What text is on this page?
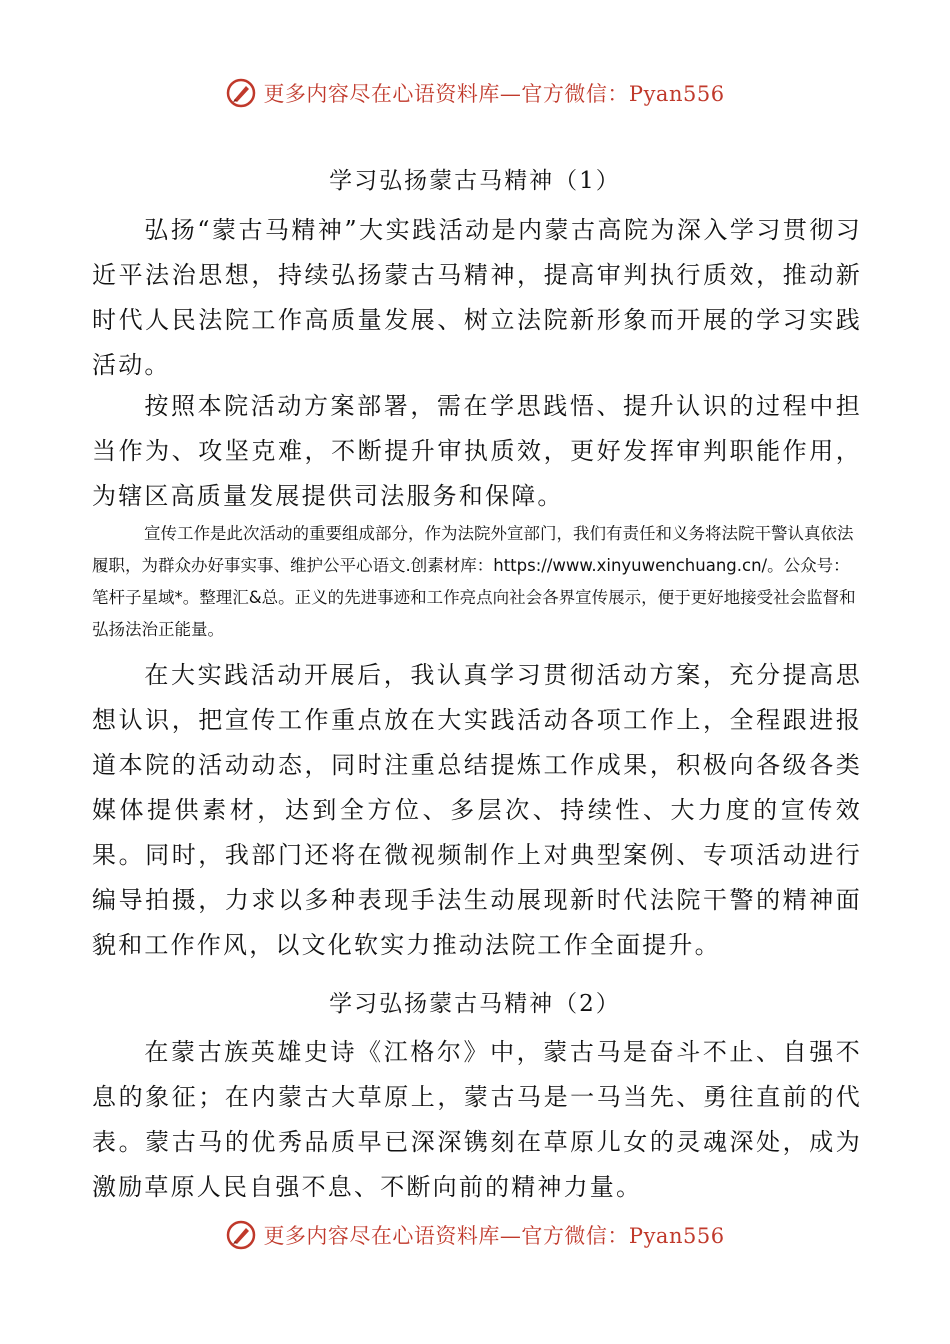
更多内容尽在心语资料库—官方微信：Pyan556
学习弘扬蒙古马精神（1）

弘扬“蒙古马精神”大实践活动是内蒙古高院为深入学习贯彻习近平法治思想，持续弘扬蒙古马精神，提高审判执行质效，推动新时代人民法院工作高质量发展、树立法院新形象而开展的学习实践活动。

按照本院活动方案部署，需在学思践悟、提升认识的过程中担当作为、攻坚克难，不断提升审执质效，更好发挥审判职能作用，为辖区高质量发展提供司法服务和保障。

宣传工作是此次活动的重要组成部分，作为法院外宣部门，我们有责任和义务将法院干警认真依法履职，为群众办好事实事、维护公平心语文.创素材库：https://www.xinyuwenchuang.cn/。公众号：笔杆子星域*。整理汇&总。正义的先进事迹和工作亮点向社会各界宣传展示，便于更好地接受社会监督和弘扬法治正能量。

在大实践活动开展后，我认真学习贯彻活动方案，充分提高思想认识，把宣传工作重点放在大实践活动各项工作上，全程跟进报道本院的活动动态，同时注重总结提炼工作成果，积极向各级各类媒体提供素材，达到全方位、多层次、持续性、大力度的宣传效果。同时，我部门还将在微视频制作上对典型案例、专项活动进行编导拍摄，力求以多种表现手法生动展现新时代法院干警的精神面貌和工作作风，以文化软实力推动法院工作全面提升。

学习弘扬蒙古马精神（2）

在蒙古族英雄史诗《江格尔》中，蒙古马是奋斗不止、自强不息的象征；在内蒙古大草原上，蒙古马是一马当先、勇往直前的代表。蒙古马的优秀品质早已深深镌刻在草原儿女的灵魂深处，成为激励草原人民自强不息、不断向前的精神力量。

更多内容尽在心语资料库—官方微信：Pyan556
